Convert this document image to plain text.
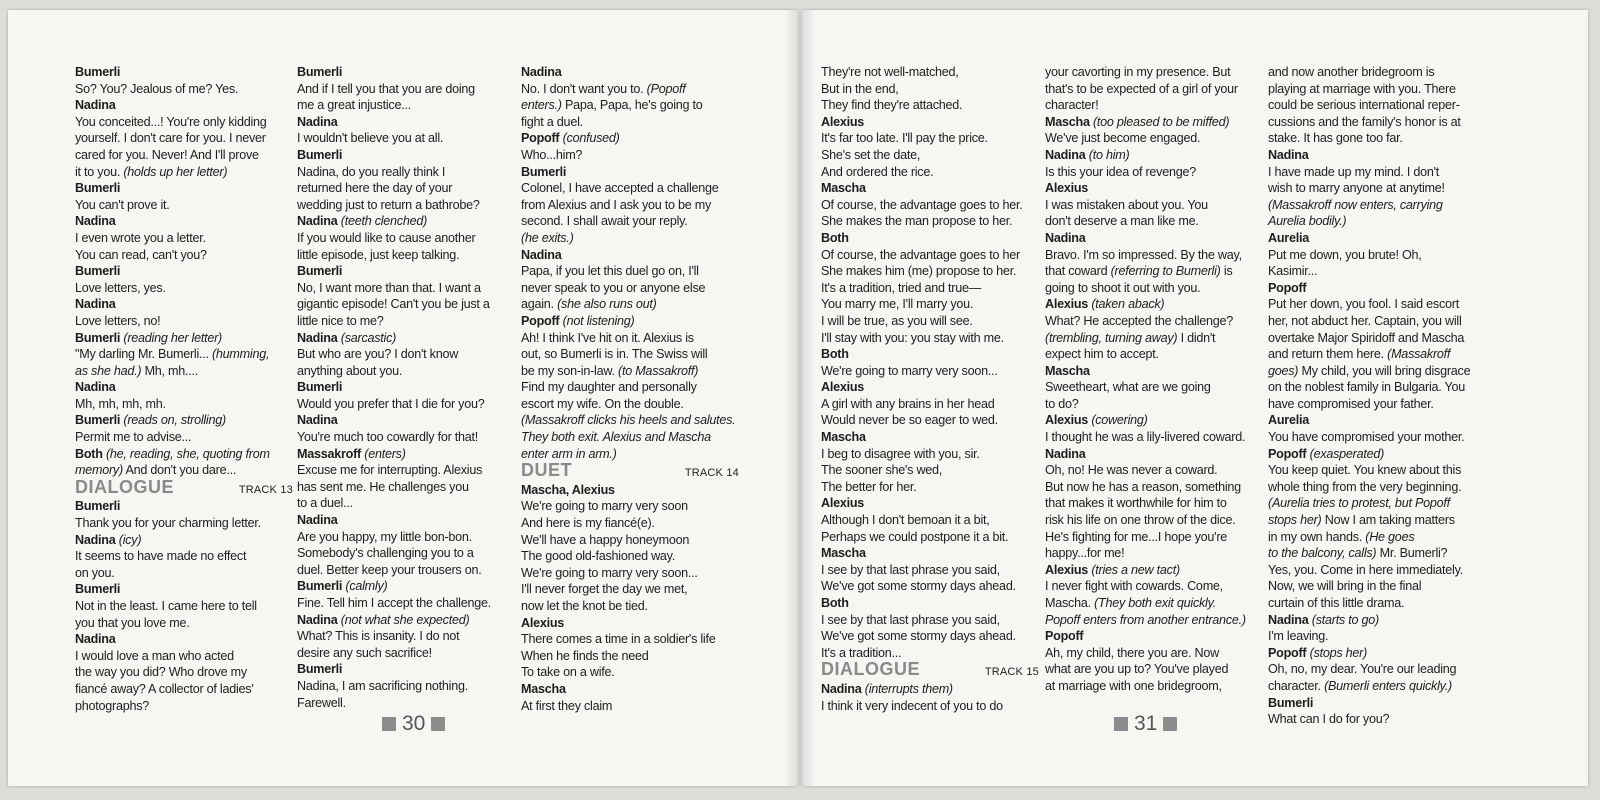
Bumerli
So? You? Jealous of me? Yes.
Nadina
You conceited...! You're only kidding
yourself. I don't care for you. I never
cared for you. Never! And I'll prove
it to you. (holds up her letter)
Bumerli
You can't prove it.
Nadina
I even wrote you a letter.
You can read, can't you?
Bumerli
Love letters, yes.
Nadina
Love letters, no!
Bumerli (reading her letter)
"My darling Mr. Bumerli... (humming,
as she had.) Mh, mh....
Nadina
Mh, mh, mh, mh.
Bumerli (reads on, strolling)
Permit me to advise...
Both (he, reading, she, quoting from
memory) And don't you dare...
DIALOGUE	TRACK 13
Bumerli
Thank you for your charming letter.
Nadina (icy)
It seems to have made no effect
on you.
Bumerli
Not in the least. I came here to tell
you that you love me.
Nadina
I would love a man who acted
the way you did? Who drove my
fiancé away? A collector of ladies'
photographs?
Bumerli
And if I tell you that you are doing
me a great injustice...
Nadina
I wouldn't believe you at all.
Bumerli
Nadina, do you really think I
returned here the day of your
wedding just to return a bathrobe?
Nadina (teeth clenched)
If you would like to cause another
little episode, just keep talking.
Bumerli
No, I want more than that. I want a
gigantic episode! Can't you be just a
little nice to me?
Nadina (sarcastic)
But who are you? I don't know
anything about you.
Bumerli
Would you prefer that I die for you?
Nadina
You're much too cowardly for that!
Massakroff (enters)
Excuse me for interrupting. Alexius
has sent me. He challenges you
to a duel...
Nadina
Are you happy, my little bon-bon.
Somebody's challenging you to a
duel. Better keep your trousers on.
Bumerli (calmly)
Fine. Tell him I accept the challenge.
Nadina (not what she expected)
What? This is insanity. I do not
desire any such sacrifice!
Bumerli
Nadina, I am sacrificing nothing.
Farewell.
Nadina
No. I don't want you to. (Popoff
enters.) Papa, Papa, he's going to
fight a duel.
Popoff (confused)
Who...him?
Bumerli
Colonel, I have accepted a challenge
from Alexius and I ask you to be my
second. I shall await your reply.
(he exits.)
Nadina
Papa, if you let this duel go on, I'll
never speak to you or anyone else
again. (she also runs out)
Popoff (not listening)
Ah! I think I've hit on it. Alexius is
out, so Bumerli is in. The Swiss will
be my son-in-law. (to Massakroff)
Find my daughter and personally
escort my wife. On the double.
(Massakroff clicks his heels and salutes.
They both exit. Alexius and Mascha
enter arm in arm.)
DUET	TRACK 14
Mascha, Alexius
We're going to marry very soon
And here is my fiancé(e).
We'll have a happy honeymoon
The good old-fashioned way.
We're going to marry very soon...
I'll never forget the day we met,
now let the knot be tied.
Alexius
There comes a time in a soldier's life
When he finds the need
To take on a wife.
Mascha
At first they claim
30
They're not well-matched,
But in the end,
They find they're attached.
Alexius
It's far too late. I'll pay the price.
She's set the date,
And ordered the rice.
Mascha
Of course, the advantage goes to her.
She makes the man propose to her.
Both
Of course, the advantage goes to her
She makes him (me) propose to her.
It's a tradition, tried and true—
You marry me, I'll marry you.
I will be true, as you will see.
I'll stay with you: you stay with me.
Both
We're going to marry very soon...
Alexius
A girl with any brains in her head
Would never be so eager to wed.
Mascha
I beg to disagree with you, sir.
The sooner she's wed,
The better for her.
Alexius
Although I don't bemoan it a bit,
Perhaps we could postpone it a bit.
Mascha
I see by that last phrase you said,
We've got some stormy days ahead.
Both
I see by that last phrase you said,
We've got some stormy days ahead.
It's a tradition...
DIALOGUE	TRACK 15
Nadina (interrupts them)
I think it very indecent of you to do
your cavorting in my presence. But
that's to be expected of a girl of your
character!
Mascha (too pleased to be miffed)
We've just become engaged.
Nadina (to him)
Is this your idea of revenge?
Alexius
I was mistaken about you. You
don't deserve a man like me.
Nadina
Bravo. I'm so impressed. By the way,
that coward (referring to Bumerli) is
going to shoot it out with you.
Alexius (taken aback)
What? He accepted the challenge?
(trembling, turning away) I didn't
expect him to accept.
Mascha
Sweetheart, what are we going
to do?
Alexius (cowering)
I thought he was a lily-livered coward.
Nadina
Oh, no! He was never a coward.
But now he has a reason, something
that makes it worthwhile for him to
risk his life on one throw of the dice.
He's fighting for me...I hope you're
happy...for me!
Alexius (tries a new tact)
I never fight with cowards. Come,
Mascha. (They both exit quickly.
Popoff enters from another entrance.)
Popoff
Ah, my child, there you are. Now
what are you up to? You've played
at marriage with one bridegroom,
and now another bridegroom is
playing at marriage with you. There
could be serious international reper-
cussions and the family's honor is at
stake. It has gone too far.
Nadina
I have made up my mind. I don't
wish to marry anyone at anytime!
(Massakroff now enters, carrying
Aurelia bodily.)
Aurelia
Put me down, you brute! Oh,
Kasimir...
Popoff
Put her down, you fool. I said escort
her, not abduct her. Captain, you will
overtake Major Spiridoff and Mascha
and return them here. (Massakroff
goes) My child, you will bring disgrace
on the noblest family in Bulgaria. You
have compromised your father.
Aurelia
You have compromised your mother.
Popoff (exasperated)
You keep quiet. You knew about this
whole thing from the very beginning.
(Aurelia tries to protest, but Popoff
stops her) Now I am taking matters
in my own hands. (He goes
to the balcony, calls) Mr. Bumerli?
Yes, you. Come in here immediately.
Now, we will bring in the final
curtain of this little drama.
Nadina (starts to go)
I'm leaving.
Popoff (stops her)
Oh, no, my dear. You're our leading
character. (Bumerli enters quickly.)
Bumerli
What can I do for you?
31
